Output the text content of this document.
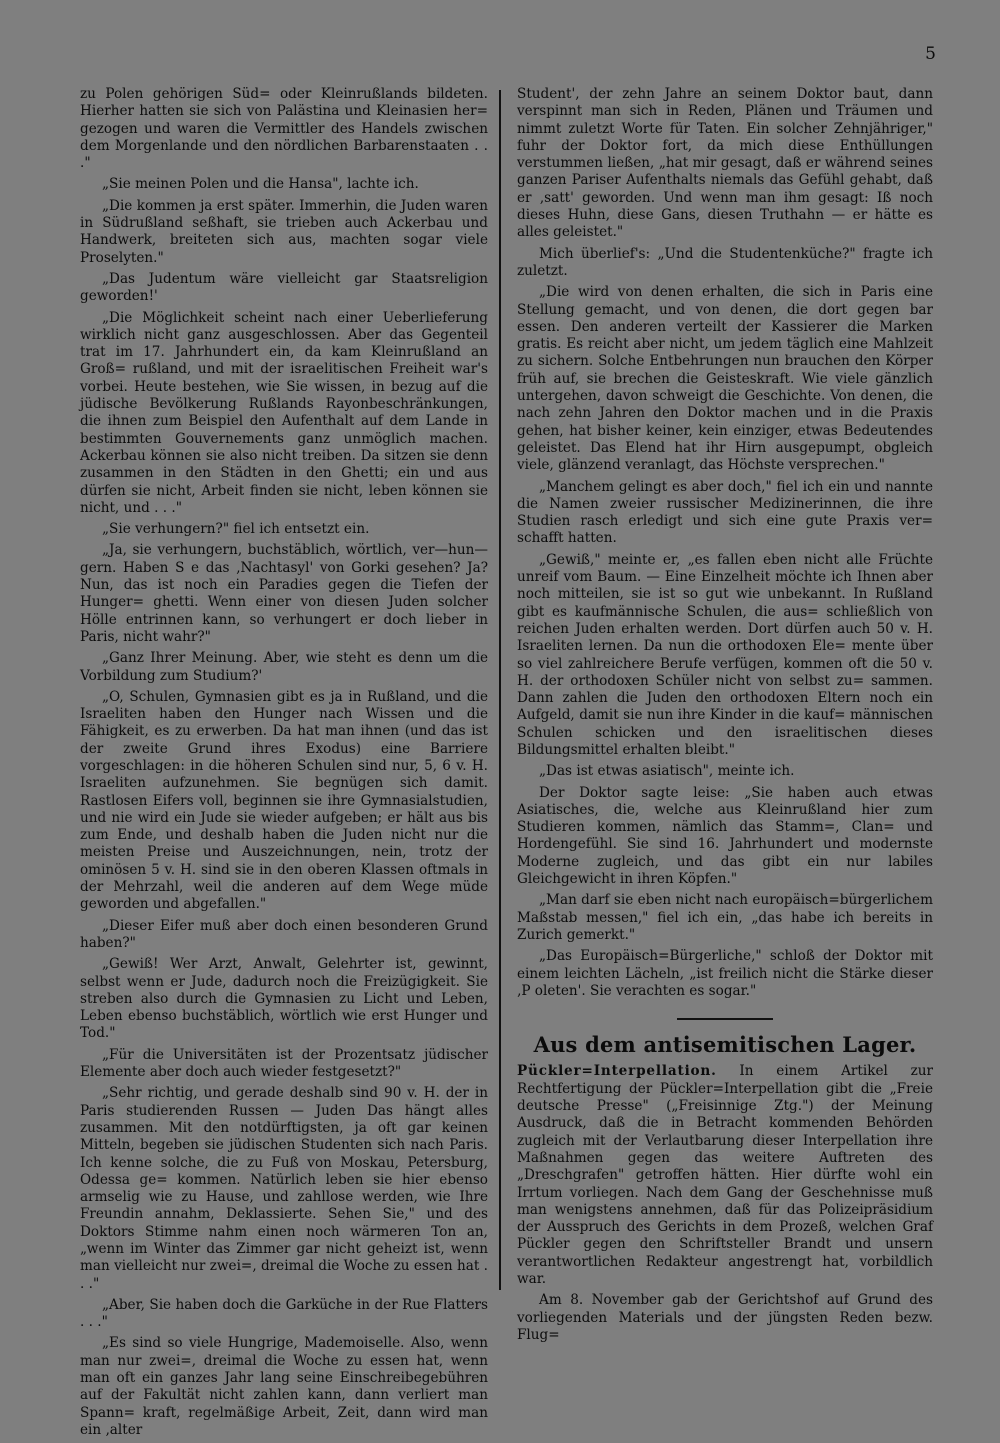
5

zu Polen gehörigen Süd= oder Kleinrußlands bildeten. Hierher hatten sie sich von Palästina und Kleinasien her= gezogen und waren die Vermittler des Handels zwischen dem Morgenlande und den nördlichen Barbarenstaaten . . ."

„Sie meinen Polen und die Hansa", lachte ich.

„Die kommen ja erst später. Immerhin, die Juden waren in Südrußland seßhaft, sie trieben auch Ackerbau und Handwerk, breiteten sich aus, machten sogar viele Proselyten."

„Das Judentum wäre vielleicht gar Staatsreligion geworden!'

„Die Möglichkeit scheint nach einer Ueberlieferung wirklich nicht ganz ausgeschlossen. Aber das Gegenteil trat im 17. Jahrhundert ein, da kam Kleinrußland an Groß= rußland, und mit der israelitischen Freiheit war's vorbei. Heute bestehen, wie Sie wissen, in bezug auf die jüdische Bevölkerung Rußlands Rayonbeschränkungen, die ihnen zum Beispiel den Aufenthalt auf dem Lande in bestimmten Gouvernements ganz unmöglich machen. Ackerbau können sie also nicht treiben. Da sitzen sie denn zusammen in den Städten in den Ghetti; ein und aus dürfen sie nicht, Arbeit finden sie nicht, leben können sie nicht, und . . ."

„Sie verhungern?" fiel ich entsetzt ein.

„Ja, sie verhungern, buchstäblich, wörtlich, ver—hun— gern. Haben S e das ‚Nachtasyl' von Gorki gesehen? Ja? Nun, das ist noch ein Paradies gegen die Tiefen der Hunger= ghetti. Wenn einer von diesen Juden solcher Hölle entrinnen kann, so verhungert er doch lieber in Paris, nicht wahr?"

„Ganz Ihrer Meinung. Aber, wie steht es denn um die Vorbildung zum Studium?'

„O, Schulen, Gymnasien gibt es ja in Rußland, und die Israeliten haben den Hunger nach Wissen und die Fähigkeit, es zu erwerben. Da hat man ihnen (und das ist der zweite Grund ihres Exodus) eine Barriere vorgeschlagen: in die höheren Schulen sind nur, 5, 6 v. H. Israeliten aufzunehmen. Sie begnügen sich damit. Rastlosen Eifers voll, beginnen sie ihre Gymnasialstudien, und nie wird ein Jude sie wieder aufgeben; er hält aus bis zum Ende, und deshalb haben die Juden nicht nur die meisten Preise und Auszeichnungen, nein, trotz der ominösen 5 v. H. sind sie in den oberen Klassen oftmals in der Mehrzahl, weil die anderen auf dem Wege müde geworden und abgefallen."

„Dieser Eifer muß aber doch einen besonderen Grund haben?"

„Gewiß! Wer Arzt, Anwalt, Gelehrter ist, gewinnt, selbst wenn er Jude, dadurch noch die Freizügigkeit. Sie streben also durch die Gymnasien zu Licht und Leben, Leben ebenso buchstäblich, wörtlich wie erst Hunger und Tod."

„Für die Universitäten ist der Prozentsatz jüdischer Elemente aber doch auch wieder festgesetzt?"

„Sehr richtig, und gerade deshalb sind 90 v. H. der in Paris studierenden Russen — Juden Das hängt alles zusammen. Mit den notdürftigsten, ja oft gar keinen Mitteln, begeben sie jüdischen Studenten sich nach Paris. Ich kenne solche, die zu Fuß von Moskau, Petersburg, Odessa ge= kommen. Natürlich leben sie hier ebenso armselig wie zu Hause, und zahllose werden, wie Ihre Freundin annahm, Deklassierte. Sehen Sie," und des Doktors Stimme nahm einen noch wärmeren Ton an, „wenn im Winter das Zimmer gar nicht geheizt ist, wenn man vielleicht nur zwei=, dreimal die Woche zu essen hat . . ."

„Aber, Sie haben doch die Garküche in der Rue Flatters . . ."

„Es sind so viele Hungrige, Mademoiselle. Also, wenn man nur zwei=, dreimal die Woche zu essen hat, wenn man oft ein ganzes Jahr lang seine Einschreibegebühren auf der Fakultät nicht zahlen kann, dann verliert man Spann= kraft, regelmäßige Arbeit, Zeit, dann wird man ein ‚alter

Student', der zehn Jahre an seinem Doktor baut, dann verspinnt man sich in Reden, Plänen und Träumen und nimmt zuletzt Worte für Taten. Ein solcher Zehnjähriger," fuhr der Doktor fort, da mich diese Enthüllungen verstummen ließen, „hat mir gesagt, daß er während seines ganzen Pariser Aufenthalts niemals das Gefühl gehabt, daß er ‚satt' geworden. Und wenn man ihm gesagt: Iß noch dieses Huhn, diese Gans, diesen Truthahn — er hätte es alles geleistet."

Mich überlief's: „Und die Studentenküche?" fragte ich zuletzt.

„Die wird von denen erhalten, die sich in Paris eine Stellung gemacht, und von denen, die dort gegen bar essen. Den anderen verteilt der Kassierer die Marken gratis. Es reicht aber nicht, um jedem täglich eine Mahlzeit zu sichern. Solche Entbehrungen nun brauchen den Körper früh auf, sie brechen die Geisteskraft. Wie viele gänzlich untergehen, davon schweigt die Geschichte. Von denen, die nach zehn Jahren den Doktor machen und in die Praxis gehen, hat bisher keiner, kein einziger, etwas Bedeutendes geleistet. Das Elend hat ihr Hirn ausgepumpt, obgleich viele, glänzend veranlagt, das Höchste versprechen."

„Manchem gelingt es aber doch," fiel ich ein und nannte die Namen zweier russischer Medizinerinnen, die ihre Studien rasch erledigt und sich eine gute Praxis ver= schafft hatten.

„Gewiß," meinte er, „es fallen eben nicht alle Früchte unreif vom Baum. — Eine Einzelheit möchte ich Ihnen aber noch mitteilen, sie ist so gut wie unbekannt. In Rußland gibt es kaufmännische Schulen, die aus= schließlich von reichen Juden erhalten werden. Dort dürfen auch 50 v. H. Israeliten lernen. Da nun die orthodoxen Ele= mente über so viel zahlreichere Berufe verfügen, kommen oft die 50 v. H. der orthodoxen Schüler nicht von selbst zu= sammen. Dann zahlen die Juden den orthodoxen Eltern noch ein Aufgeld, damit sie nun ihre Kinder in die kauf= männischen Schulen schicken und den israelitischen dieses Bildungsmittel erhalten bleibt."

„Das ist etwas asiatisch", meinte ich.

Der Doktor sagte leise: „Sie haben auch etwas Asiatisches, die, welche aus Kleinrußland hier zum Studieren kommen, nämlich das Stamm=, Clan= und Hordengefühl. Sie sind 16. Jahrhundert und modernste Moderne zugleich, und das gibt ein nur labiles Gleichgewicht in ihren Köpfen."

„Man darf sie eben nicht nach europäisch=bürgerlichem Maßstab messen," fiel ich ein, „das habe ich bereits in Zurich gemerkt."

„Das Europäisch=Bürgerliche," schloß der Doktor mit einem leichten Lächeln, „ist freilich nicht die Stärke dieser ‚P oleten'. Sie verachten es sogar."

Aus dem antisemitischen Lager.

Pückler=Interpellation. In einem Artikel zur Rechtfertigung der Pückler=Interpellation gibt die „Freie deutsche Presse" („Freisinnige Ztg.") der Meinung Ausdruck, daß die in Betracht kommenden Behörden zugleich mit der Verlautbarung dieser Interpellation ihre Maßnahmen gegen das weitere Auftreten des „Dreschgrafen" getroffen hätten. Hier dürfte wohl ein Irrtum vorliegen. Nach dem Gang der Geschehnisse muß man wenigstens annehmen, daß für das Polizeipräsidium der Ausspruch des Gerichts in dem Prozeß, welchen Graf Pückler gegen den Schriftsteller Brandt und unsern verantwortlichen Redakteur angestrengt hat, vorbildlich war.

Am 8. November gab der Gerichtshof auf Grund des vorliegenden Materials und der jüngsten Reden bezw. Flug=
